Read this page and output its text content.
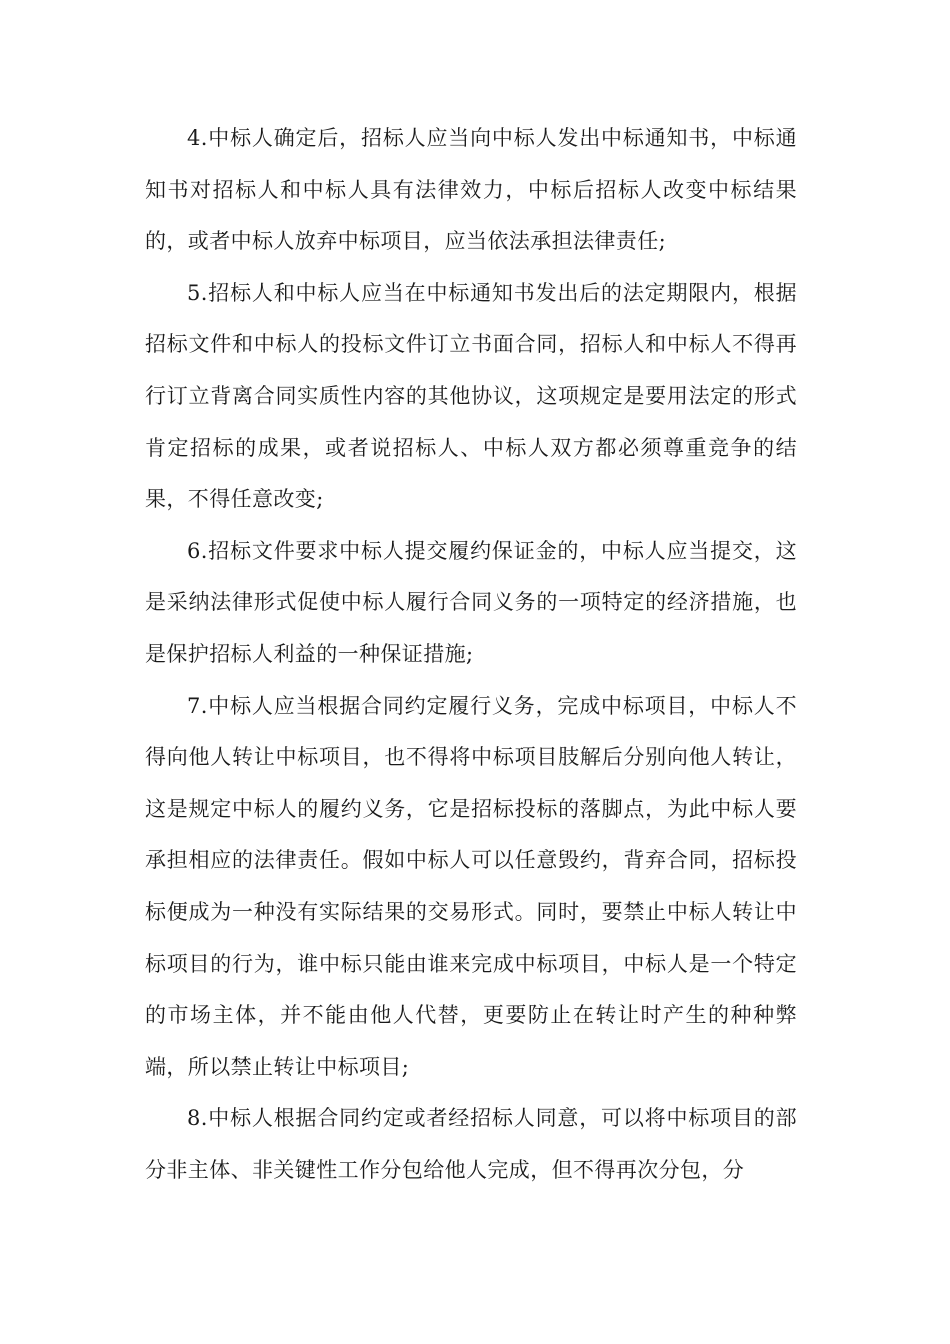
4.中标人确定后，招标人应当向中标人发出中标通知书，中标通知书对招标人和中标人具有法律效力，中标后招标人改变中标结果的，或者中标人放弃中标项目，应当依法承担法律责任;

5.招标人和中标人应当在中标通知书发出后的法定期限内，根据招标文件和中标人的投标文件订立书面合同，招标人和中标人不得再行订立背离合同实质性内容的其他协议，这项规定是要用法定的形式肯定招标的成果，或者说招标人、中标人双方都必须尊重竞争的结果，不得任意改变;

6.招标文件要求中标人提交履约保证金的，中标人应当提交，这是采纳法律形式促使中标人履行合同义务的一项特定的经济措施，也是保护招标人利益的一种保证措施;

7.中标人应当根据合同约定履行义务，完成中标项目，中标人不得向他人转让中标项目，也不得将中标项目肢解后分别向他人转让，这是规定中标人的履约义务，它是招标投标的落脚点，为此中标人要承担相应的法律责任。假如中标人可以任意毁约，背弃合同，招标投标便成为一种没有实际结果的交易形式。同时，要禁止中标人转让中标项目的行为，谁中标只能由谁来完成中标项目，中标人是一个特定的市场主体，并不能由他人代替，更要防止在转让时产生的种种弊端，所以禁止转让中标项目;

8.中标人根据合同约定或者经招标人同意，可以将中标项目的部分非主体、非关键性工作分包给他人完成，但不得再次分包，分
